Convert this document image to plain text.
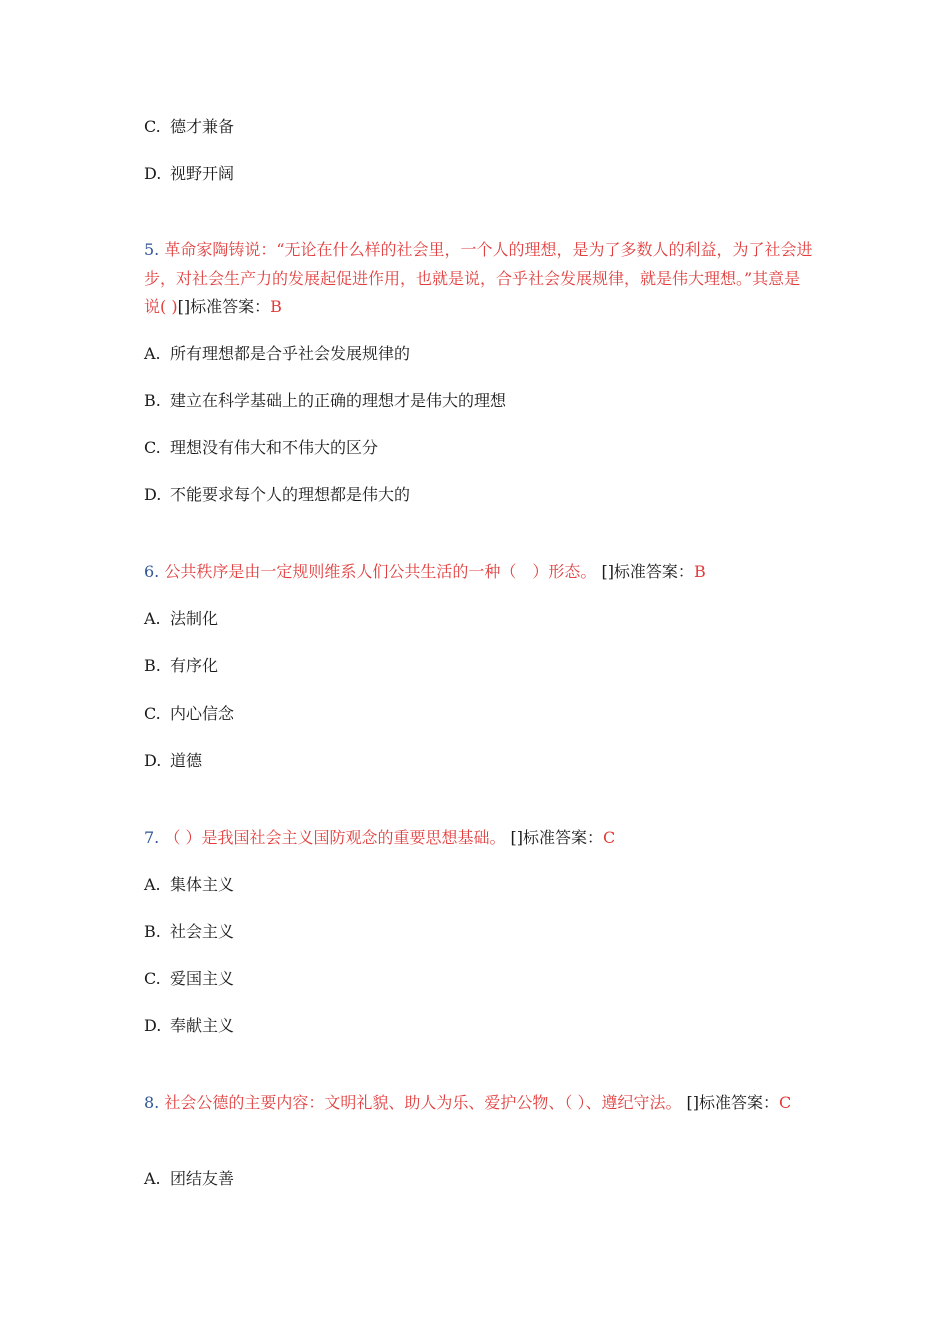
C. 德才兼备
D. 视野开阔
5. 革命家陶铸说：“无论在什么样的社会里，一个人的理想，是为了多数人的利益，为了社会进步，对社会生产力的发展起促进作用，也就是说，合乎社会发展规律，就是伟大理想。”其意是说( )[]标准答案：B
A. 所有理想都是合乎社会发展规律的
B. 建立在科学基础上的正确的理想才是伟大的理想
C. 理想没有伟大和不伟大的区分
D. 不能要求每个人的理想都是伟大的
6. 公共秩序是由一定规则维系人们公共生活的一种（　）形态。 []标准答案：B
A. 法制化
B. 有序化
C. 内心信念
D. 道德
7. （ ）是我国社会主义国防观念的重要思想基础。 []标准答案：C
A. 集体主义
B. 社会主义
C. 爱国主义
D. 奉献主义
8. 社会公德的主要内容：文明礼貌、助人为乐、爱护公物、（ ）、遵纪守法。 []标准答案：C
A. 团结友善
